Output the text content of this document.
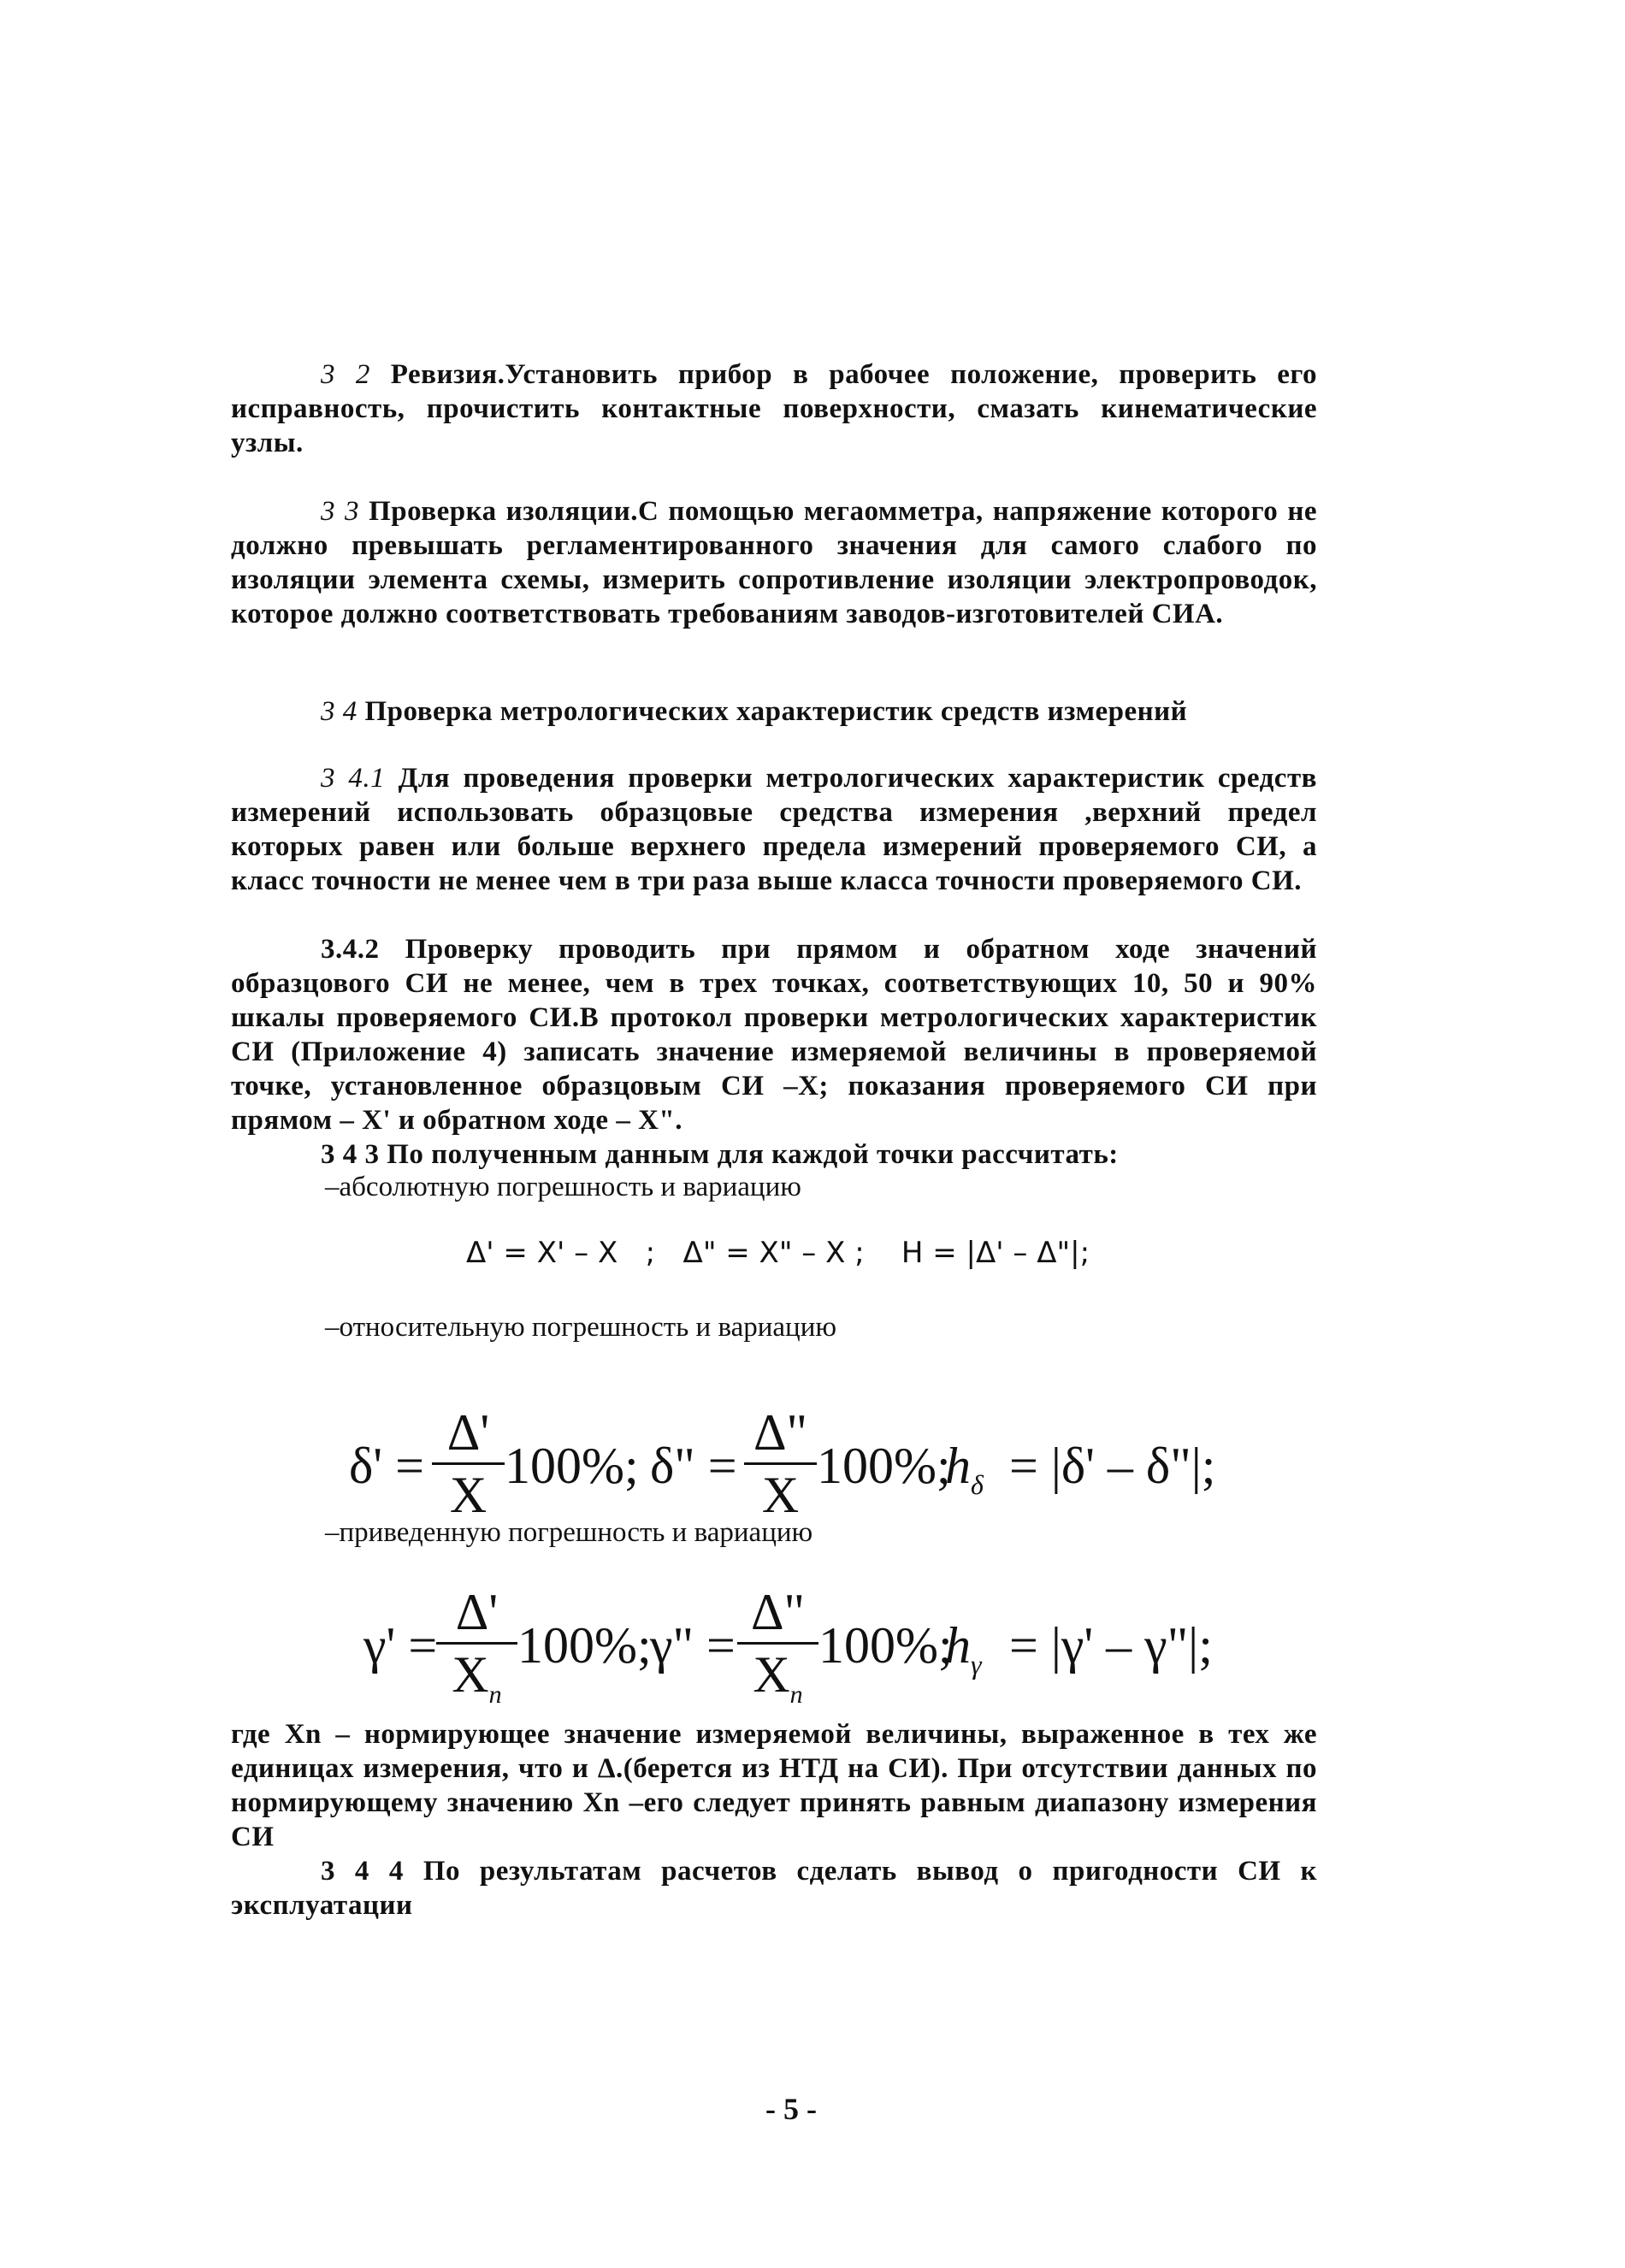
3 2 Ревизия.Установить прибор в рабочее положение, проверить его исправность, прочистить контактные поверхности, смазать кинематические узлы.
3 3 Проверка изоляции.С помощью мегаомметра, напряжение которого не должно превышать регламентированного значения для самого слабого по изоляции элемента схемы, измерить сопротивление изоляции электропроводок, которое должно соответствовать требованиям заводов-изготовителей СИА.
3 4 Проверка метрологических характеристик средств измерений
3 4.1 Для проведения проверки метрологических характеристик средств измерений использовать образцовые средства измерения ,верхний предел которых равен или больше верхнего предела измерений проверяемого СИ, а класс точности не менее чем в три раза выше класса точности проверяемого СИ.
3.4.2 Проверку проводить при прямом и обратном ходе значений образцового СИ не менее, чем в трех точках, соответствующих 10, 50 и 90% шкалы проверяемого СИ.В протокол проверки метрологических характеристик СИ (Приложение 4) записать значение измеряемой величины в проверяемой точке, установленное образцовым СИ –Х; показания проверяемого СИ при прямом – Х' и обратном ходе – Х".
3 4 3 По полученным данным для каждой точки рассчитать:
–абсолютную погрешность и вариацию
Δ' = X' – X   ;   Δ" = X" – X ;    H = |Δ' – Δ"|;
–относительную погрешность и вариацию
$\delta' = \frac{\Delta'}{X} 100\%$; δ" = $\frac{\Delta"}{X} 100\%$;
$h_\delta = |\delta'$ – δ"|;
–приведенную погрешность и вариацию
γ' =
$\frac{\Delta'}{X_n} 100\%$;
γ" = $\frac{\Delta"}{X_n} 100\%$;
$h_\gamma = |\gamma'$ – γ"|;
где Хn – нормирующее значение измеряемой величины, выраженное в тех же единицах измерения, что и Δ.(берется из НТД на СИ). При отсутствии данных по нормирующему значению Хn –его следует принять равным диапазону измерения СИ
3 4 4 По результатам расчетов сделать вывод о пригодности СИ к эксплуатации
- 5 -
